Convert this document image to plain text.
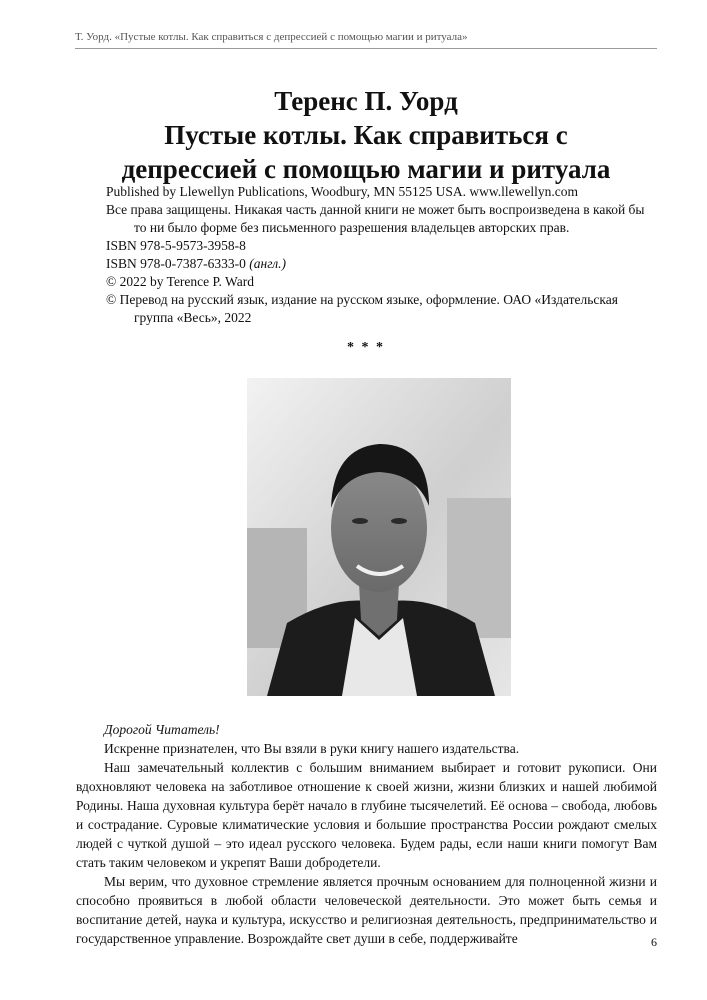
Т. Уорд. «Пустые котлы. Как справиться с депрессией с помощью магии и ритуала»
Теренс П. Уорд
Пустые котлы. Как справиться с
депрессией с помощью магии и ритуала

Published by Llewellyn Publications, Woodbury, MN 55125 USA. www.llewellyn.com

Все права защищены. Никакая часть данной книги не может быть воспроизведена в какой бы то ни было форме без письменного разрешения владельцев авторских прав.

ISBN 978-5-9573-3958-8

ISBN 978-0-7387-6333-0 (англ.)

© 2022 by Terence P. Ward

© Перевод на русский язык, издание на русском языке, оформление. ОАО «Издательская группа «Весь», 2022

* * *

Дорогой Читатель!

Искренне признателен, что Вы взяли в руки книгу нашего издательства.

Наш замечательный коллектив с большим вниманием выбирает и готовит рукописи. Они вдохновляют человека на заботливое отношение к своей жизни, жизни близких и нашей любимой Родины. Наша духовная культура берёт начало в глубине тысячелетий. Её основа – свобода, любовь и сострадание. Суровые климатические условия и большие пространства России рождают смелых людей с чуткой душой – это идеал русского человека. Будем рады, если наши книги помогут Вам стать таким человеком и укрепят Ваши добродетели.

Мы верим, что духовное стремление является прочным основанием для полноценной жизни и способно проявиться в любой области человеческой деятельности. Это может быть семья и воспитание детей, наука и культура, искусство и религиозная деятельность, предпринимательство и государственное управление. Возрождайте свет души в себе, поддерживайте	6
